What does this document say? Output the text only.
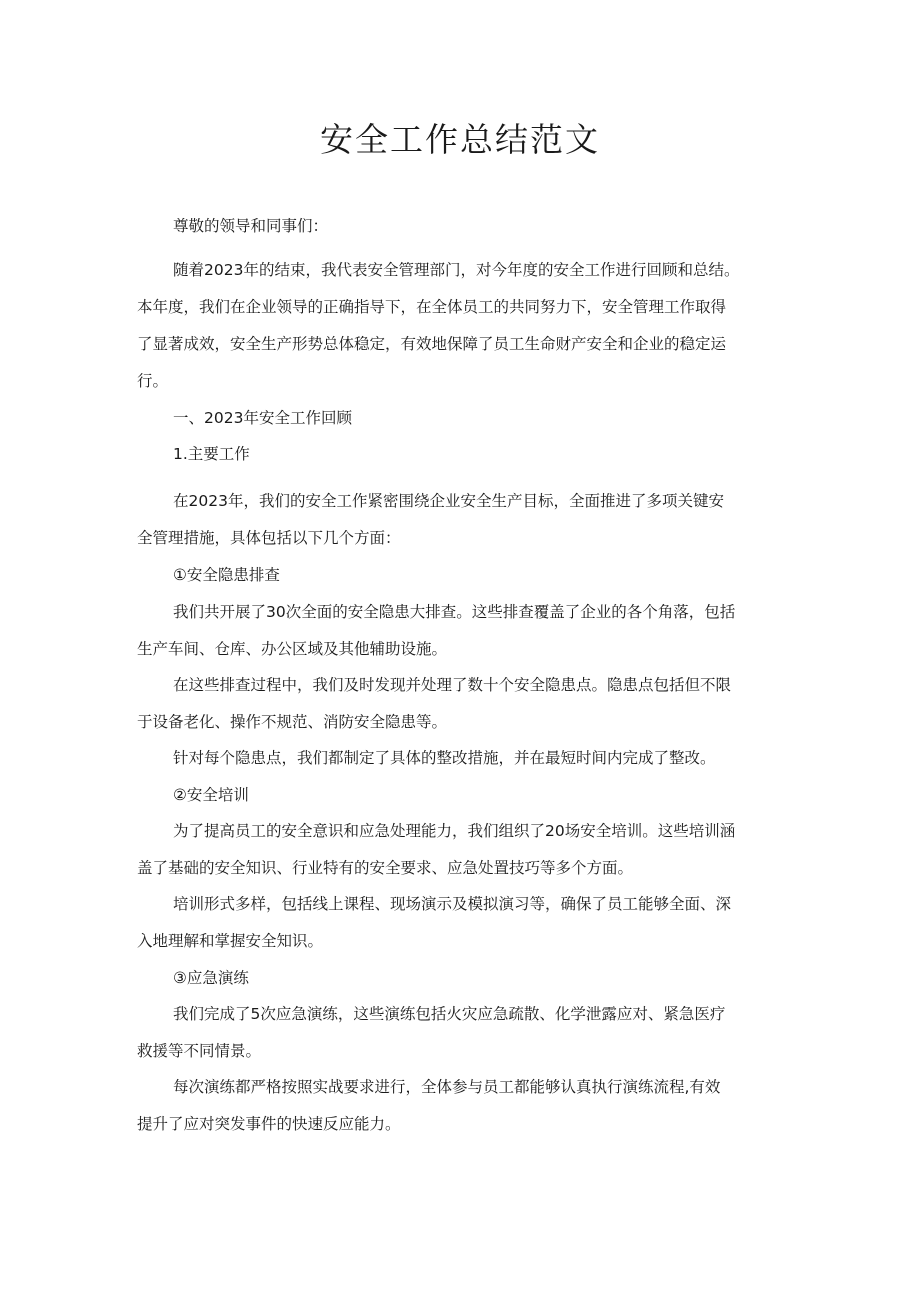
安全工作总结范文

尊敬的领导和同事们：

随着2023年的结束，我代表安全管理部门，对今年度的安全工作进行回顾和总结。
本年度，我们在企业领导的正确指导下，在全体员工的共同努力下，安全管理工作取得
了显著成效，安全生产形势总体稳定，有效地保障了员工生命财产安全和企业的稳定运
行。

一、2023年安全工作回顾

1.主要工作

在2023年，我们的安全工作紧密围绕企业安全生产目标，全面推进了多项关键安
全管理措施，具体包括以下几个方面：

①安全隐患排查

我们共开展了30次全面的安全隐患大排查。这些排查覆盖了企业的各个角落，包括
生产车间、仓库、办公区域及其他辅助设施。

在这些排查过程中，我们及时发现并处理了数十个安全隐患点。隐患点包括但不限
于设备老化、操作不规范、消防安全隐患等。

针对每个隐患点，我们都制定了具体的整改措施，并在最短时间内完成了整改。

②安全培训

为了提高员工的安全意识和应急处理能力，我们组织了20场安全培训。这些培训涵
盖了基础的安全知识、行业特有的安全要求、应急处置技巧等多个方面。

培训形式多样，包括线上课程、现场演示及模拟演习等，确保了员工能够全面、深
入地理解和掌握安全知识。

③应急演练

我们完成了5次应急演练，这些演练包括火灾应急疏散、化学泄露应对、紧急医疗
救援等不同情景。

每次演练都严格按照实战要求进行，全体参与员工都能够认真执行演练流程,有效
提升了应对突发事件的快速反应能力。
